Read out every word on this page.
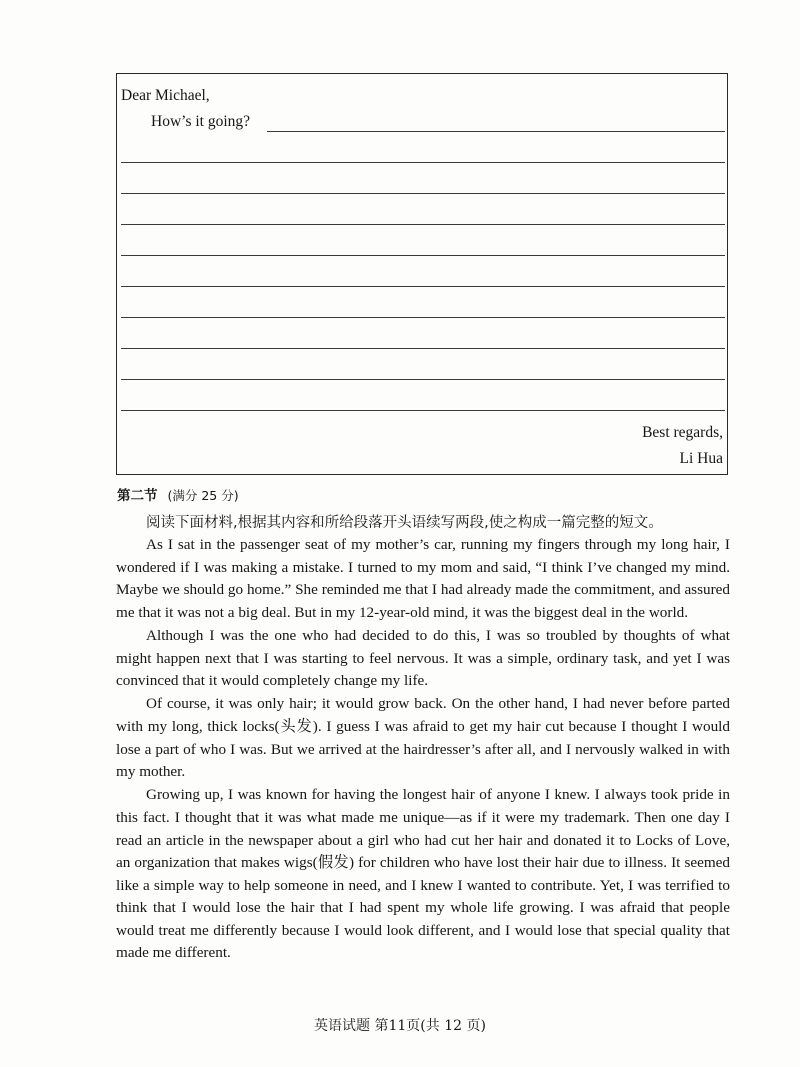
Dear Michael,
How’s it going?
Best regards,
Li Hua
第二节 (满分 25 分)
阅读下面材料,根据其内容和所给段落开头语续写两段,使之构成一篇完整的短文。

As I sat in the passenger seat of my mother’s car, running my fingers through my long hair, I wondered if I was making a mistake. I turned to my mom and said, “I think I’ve changed my mind. Maybe we should go home.” She reminded me that I had already made the commitment, and assured me that it was not a big deal. But in my 12-year-old mind, it was the biggest deal in the world.

Although I was the one who had decided to do this, I was so troubled by thoughts of what might happen next that I was starting to feel nervous. It was a simple, ordinary task, and yet I was convinced that it would completely change my life.

Of course, it was only hair; it would grow back. On the other hand, I had never before parted with my long, thick locks(头发). I guess I was afraid to get my hair cut because I thought I would lose a part of who I was. But we arrived at the hairdresser’s after all, and I nervously walked in with my mother.

Growing up, I was known for having the longest hair of anyone I knew. I always took pride in this fact. I thought that it was what made me unique—as if it were my trademark. Then one day I read an article in the newspaper about a girl who had cut her hair and donated it to Locks of Love, an organization that makes wigs(假发) for children who have lost their hair due to illness. It seemed like a simple way to help someone in need, and I knew I wanted to contribute. Yet, I was terrified to think that I would lose the hair that I had spent my whole life growing. I was afraid that people would treat me differently because I would look different, and I would lose that special quality that made me different.

英语试题 第11页(共 12 页)
